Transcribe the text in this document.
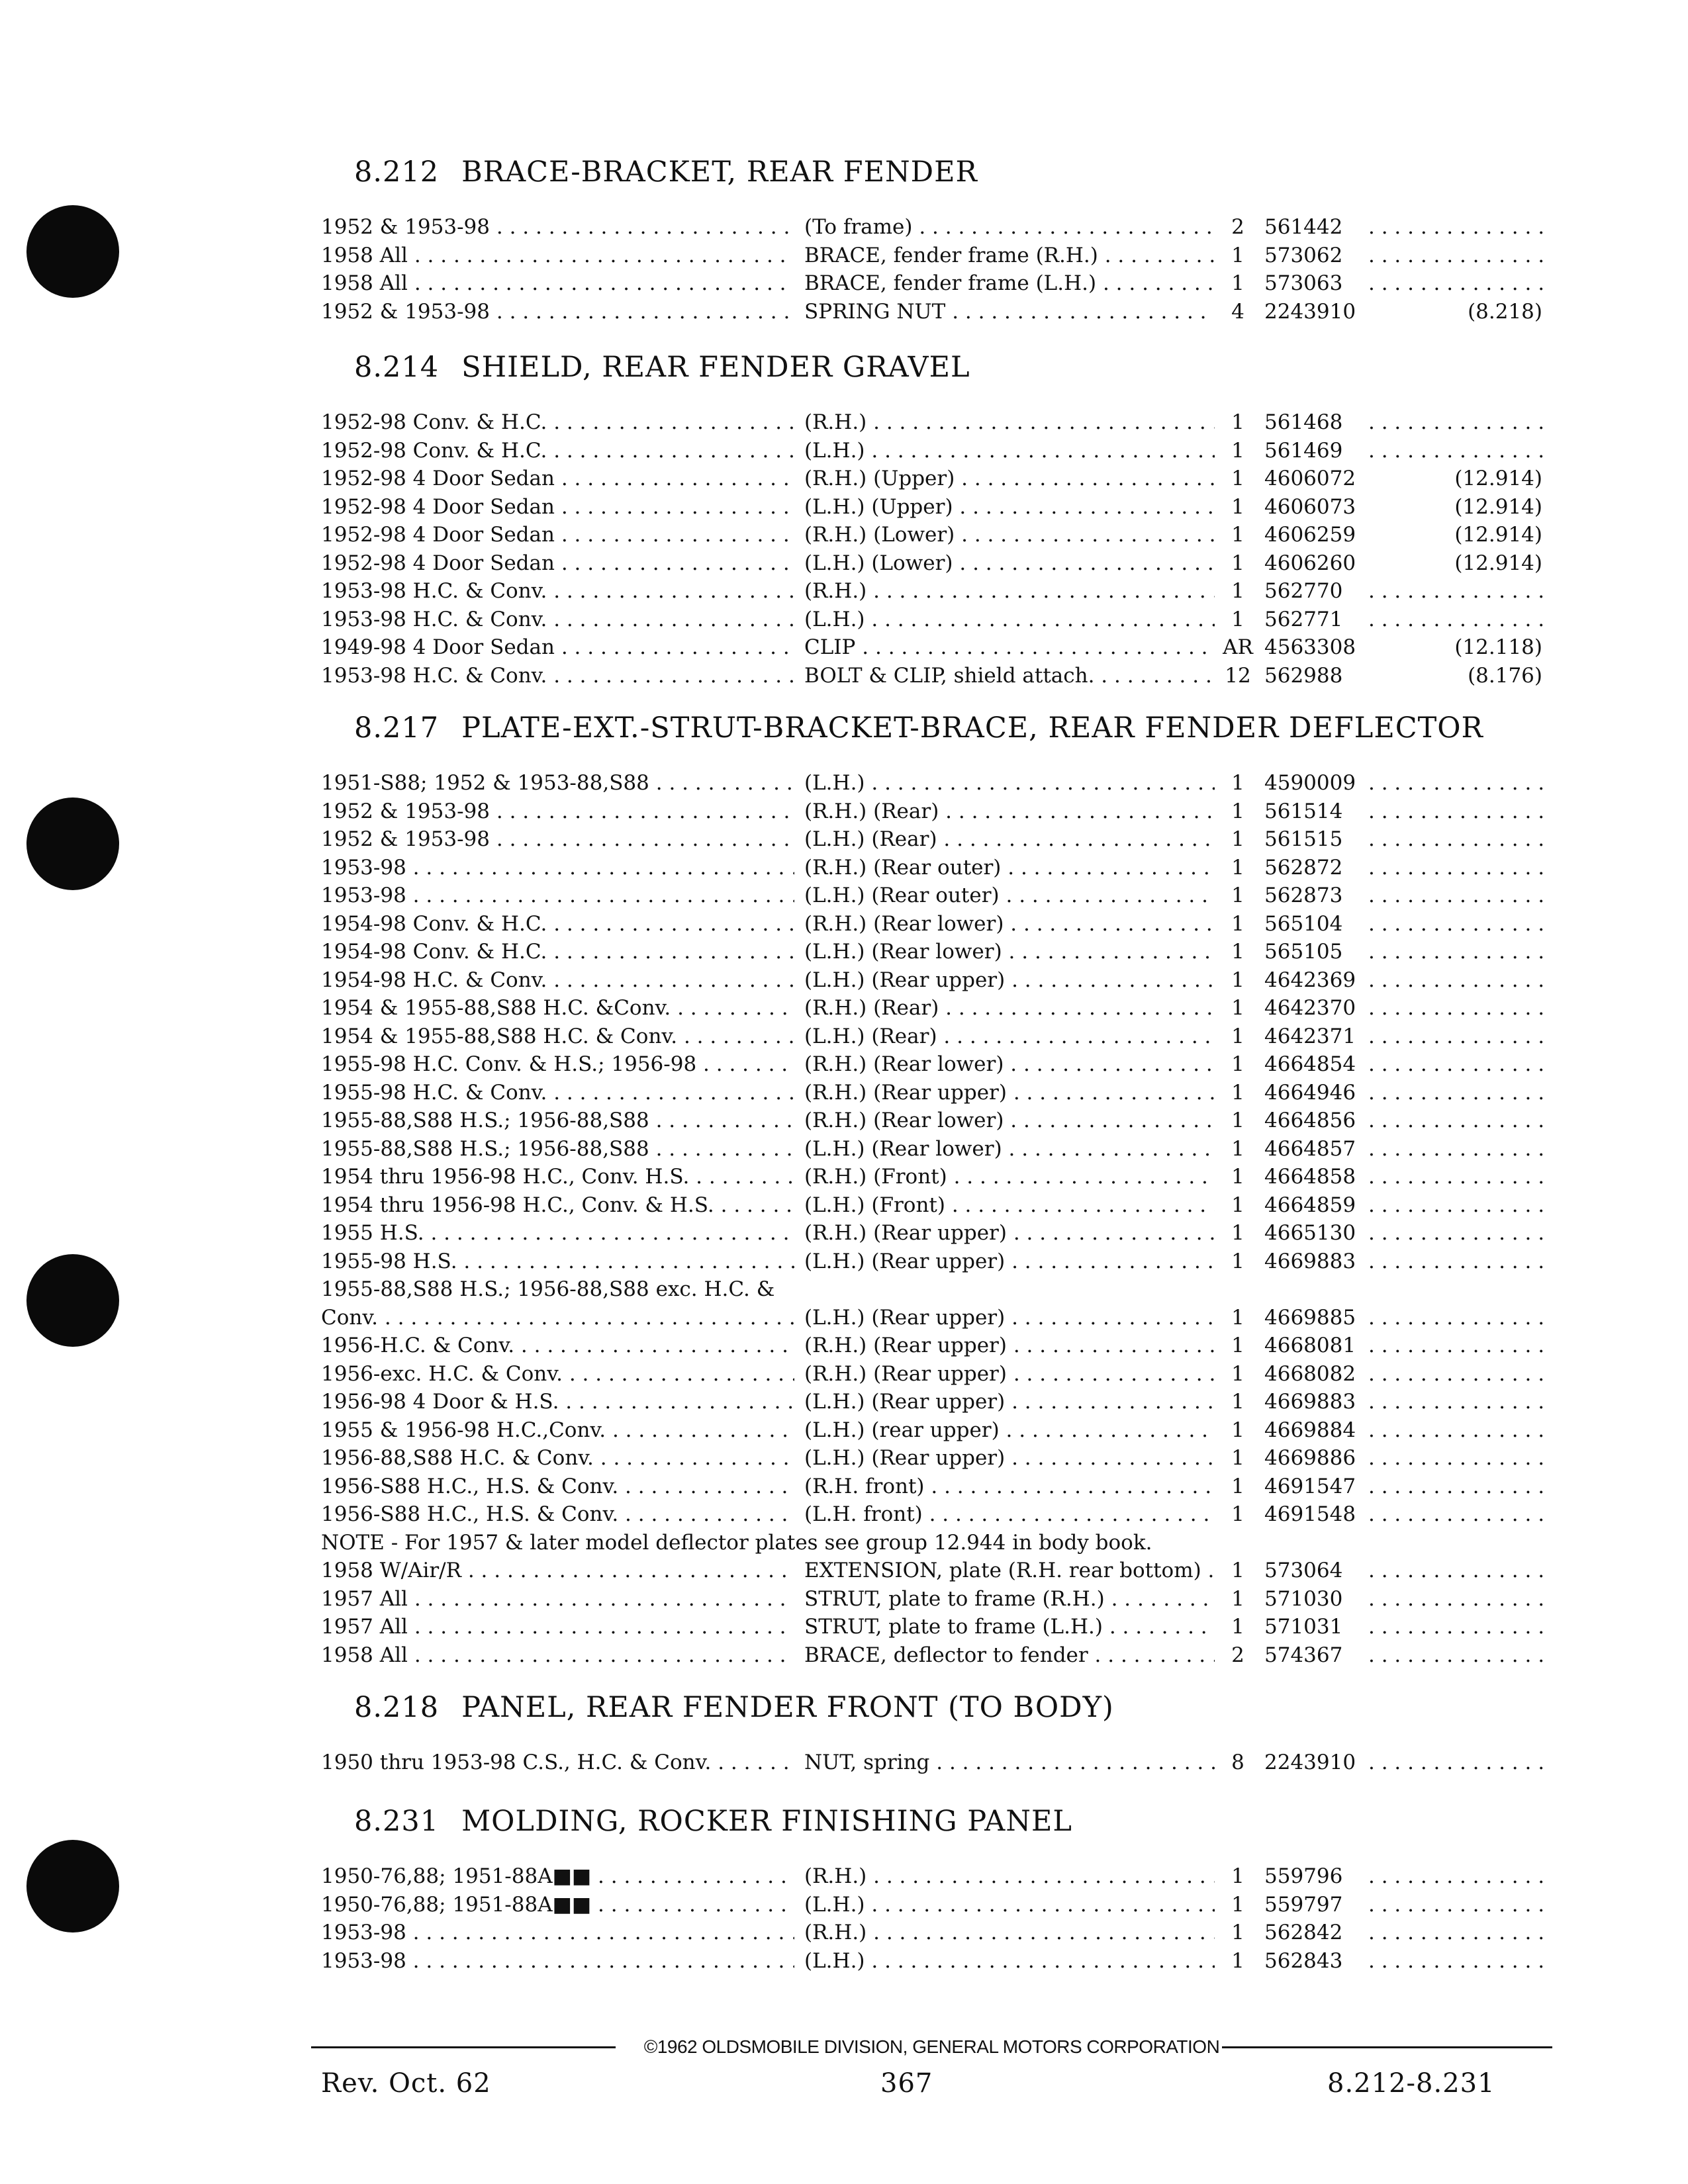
8.212 BRACE-BRACKET, REAR FENDER
1952 & 1953-98 . . .	(To frame) . . .	2 561442
. . .
1958 All . . .	BRACE, fender frame (R.H.) . . .	1 573062
. . .
1958 All . . .	BRACE, fender frame (L.H.) . . .	1 573063
. . .
1952 & 1953-98 . . .	SPRING NUT . . .	4 2243910	(8.218)
8.214 SHIELD, REAR FENDER GRAVEL
1952-98 Conv. & H.C. . . .	(R.H.) . . .	1 561468
. . .
1952-98 Conv. & H.C. . . .	(L.H.) . . .	1 561469
. . .
1952-98 4 Door Sedan . . .	(R.H.) (Upper) . . .	1 4606072	(12.914)
1952-98 4 Door Sedan . . .	(L.H.) (Upper) . . .	1 4606073	(12.914)
1952-98 4 Door Sedan . . .	(R.H.) (Lower) . . .	1 4606259	(12.914)
1952-98 4 Door Sedan . . .	(L.H.) (Lower) . . .	1 4606260	(12.914)
1953-98 H.C. & Conv. . . .	(R.H.) . . .	1 562770
. . .
1953-98 H.C. & Conv. . . .	(L.H.) . . .	1 562771
. . .
1949-98 4 Door Sedan . . .	CLIP . . .	AR 4563308	(12.118)
1953-98 H.C. & Conv. . . .	BOLT & CLIP, shield attach. . . .	12 562988	(8.176)
8.217 PLATE-EXT.-STRUT-BRACKET-BRACE, REAR FENDER DEFLECTOR
1951-S88; 1952 & 1953-88,S88 . . .	(L.H.) . . .	1 4590009
. . .
1952 & 1953-98 . . .	(R.H.) (Rear) . . .	1 561514
. . .
1952 & 1953-98 . . .	(L.H.) (Rear) . . .	1 561515
. . .
1953-98 . . .	(R.H.) (Rear outer) . . .	1 562872
. . .
1953-98 . . .	(L.H.) (Rear outer) . . .	1 562873
. . .
1954-98 Conv. & H.C. . . .	(R.H.) (Rear lower) . . .	1 565104
. . .
1954-98 Conv. & H.C. . . .	(L.H.) (Rear lower) . . .	1 565105
. . .
1954-98 H.C. & Conv. . . .	(L.H.) (Rear upper) . . .	1 4642369
. . .
1954 & 1955-88,S88 H.C. &Conv. . . .	(R.H.) (Rear) . . .	1 4642370
. . .
1954 & 1955-88,S88 H.C. & Conv. . . .	(L.H.) (Rear) . . .	1 4642371
. . .
1955-98 H.C. Conv. & H.S.; 1956-98 . . .	(R.H.) (Rear lower) . . .	1 4664854
. . .
1955-98 H.C. & Conv. . . .	(R.H.) (Rear upper) . . .	1 4664946
. . .
1955-88,S88 H.S.; 1956-88,S88 . . .	(R.H.) (Rear lower) . . .	1 4664856
. . .
1955-88,S88 H.S.; 1956-88,S88 . . .	(L.H.) (Rear lower) . . .	1 4664857
. . .
1954 thru 1956-98 H.C., Conv. H.S. . . .	(R.H.) (Front) . . .	1 4664858
. . .
1954 thru 1956-98 H.C., Conv. & H.S. . . .	(L.H.) (Front) . . .	1 4664859
. . .
1955 H.S. . . .	(R.H.) (Rear upper) . . .	1 4665130
. . .
1955-98 H.S. . . .	(L.H.) (Rear upper) . . .	1 4669883
. . .
1955-88,S88 H.S.; 1956-88,S88 exc. H.C. &
Conv. . . .	(L.H.) (Rear upper) . . .	1 4669885
. . .
1956-H.C. & Conv. . . .	(R.H.) (Rear upper) . . .	1 4668081
. . .
1956-exc. H.C. & Conv. . . .	(R.H.) (Rear upper) . . .	1 4668082
. . .
1956-98 4 Door & H.S. . . .	(L.H.) (Rear upper) . . .	1 4669883
. . .
1955 & 1956-98 H.C.,Conv. . . .	(L.H.) (rear upper) . . .	1 4669884
. . .
1956-88,S88 H.C. & Conv. . . .	(L.H.) (Rear upper) . . .	1 4669886
. . .
1956-S88 H.C., H.S. & Conv. . . .	(R.H. front) . . .	1 4691547
. . .
1956-S88 H.C., H.S. & Conv. . . .	(L.H. front) . . .	1 4691548
. . .
NOTE - For 1957 & later model deflector plates see group 12.944 in body book.
1958 W/Air/R . . .	EXTENSION, plate (R.H. rear bottom) . . .	1 573064
. . .
1957 All . . .	STRUT, plate to frame (R.H.) . . .	1 571030
. . .
1957 All . . .	STRUT, plate to frame (L.H.) . . .	1 571031
. . .
1958 All . . .	BRACE, deflector to fender . . .	2 574367
. . .
8.218 PANEL, REAR FENDER FRONT (TO BODY)
1950 thru 1953-98 C.S., H.C. & Conv. . . .	NUT, spring . . .	8 2243910
. . .
8.231 MOLDING, ROCKER FINISHING PANEL
1950-76,88; 1951-88A■■ . . .	(R.H.) . . .	1 559796
. . .
1950-76,88; 1951-88A■■ . . .	(L.H.) . . .	1 559797
. . .
1953-98 . . .	(R.H.) . . .	1 562842
. . .
1953-98 . . .	(L.H.) . . .	1 562843
. . .
©1962 OLDSMOBILE DIVISION, GENERAL MOTORS CORPORATION
Rev. Oct. 62	367	8.212-8.231
